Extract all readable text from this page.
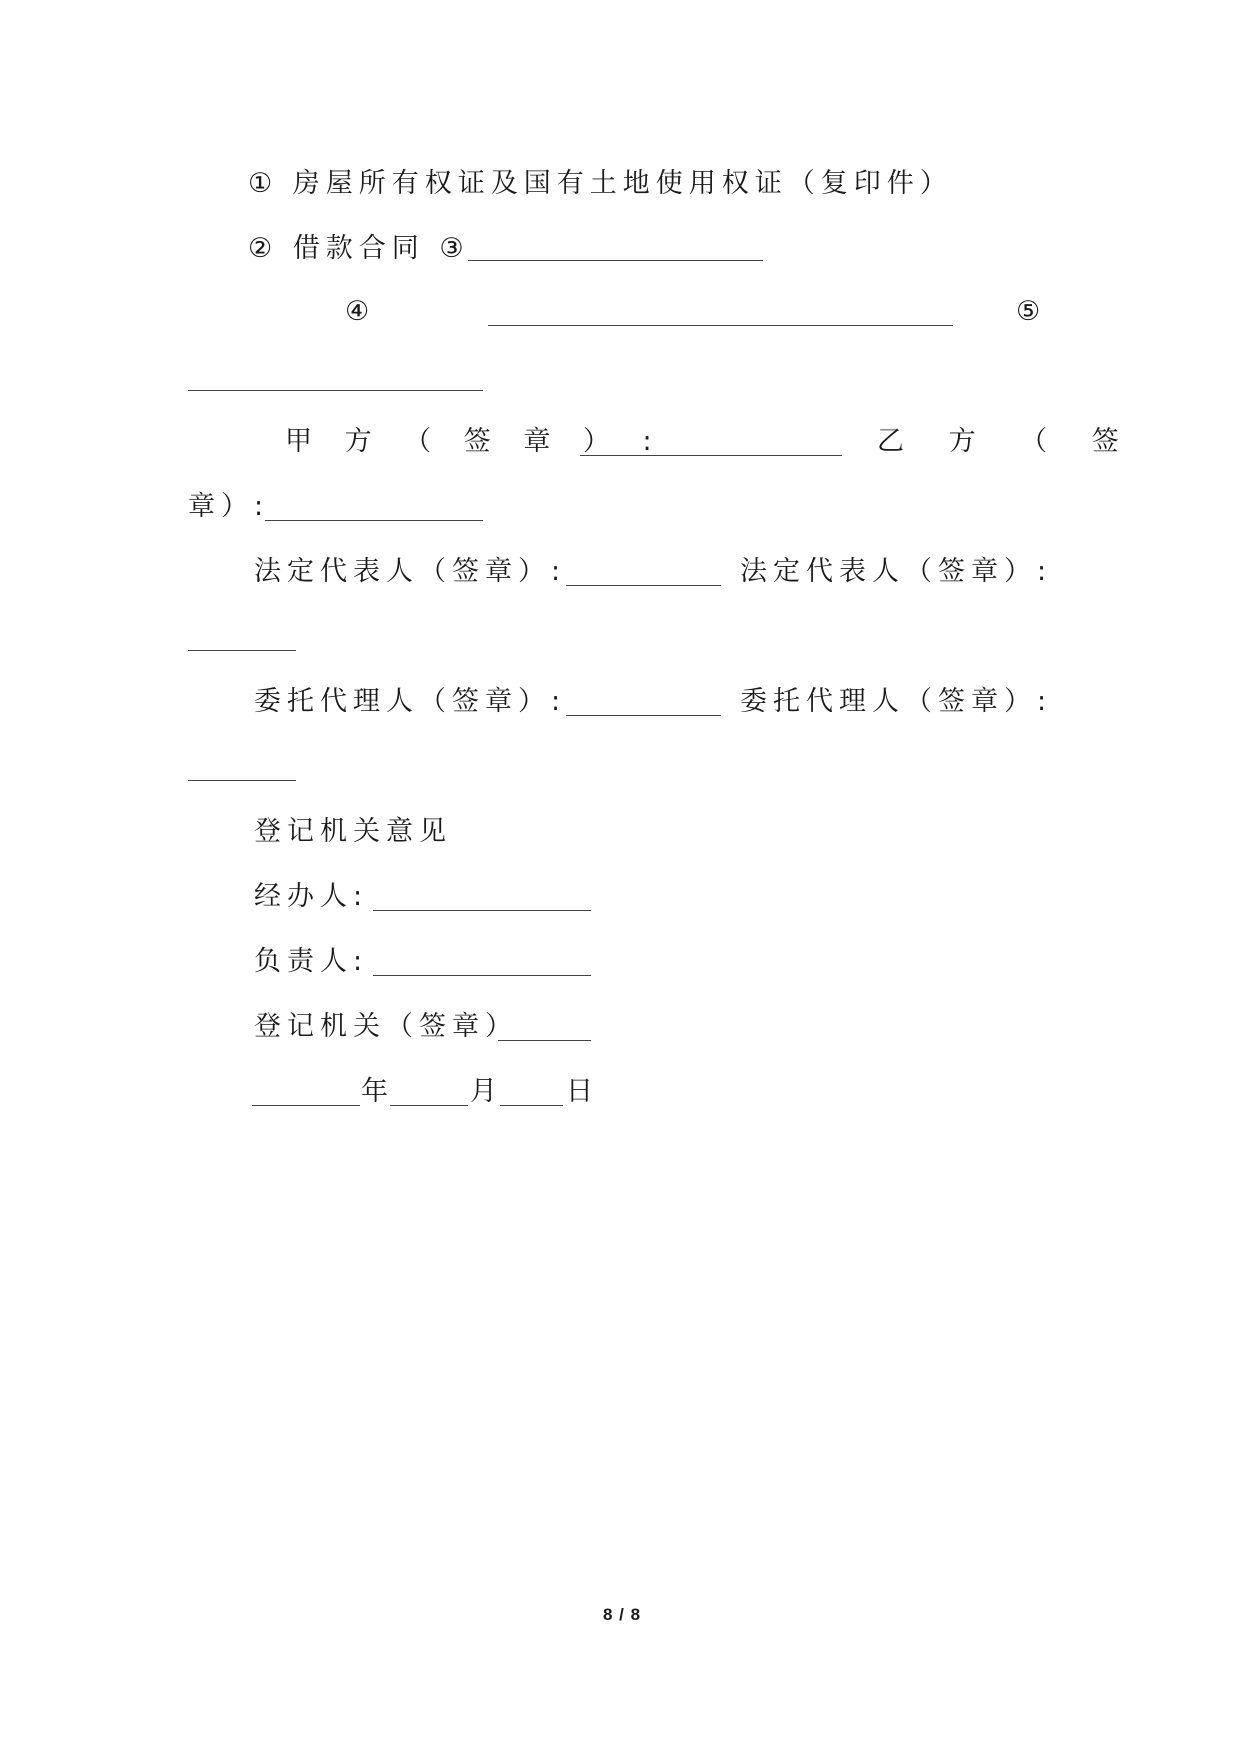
① 房屋所有权证及国有土地使用权证（复印件）
② 借款合同 ③
④	⑤
甲 方 （ 签 章 ） :	乙 方 （ 签
章）:
法定代表人（签章）:	法定代表人（签章）:
委托代理人（签章）:	委托代理人（签章）:
登记机关意见
经办人:
负责人:
登记机关（签章）
年	月 日
8 / 8
